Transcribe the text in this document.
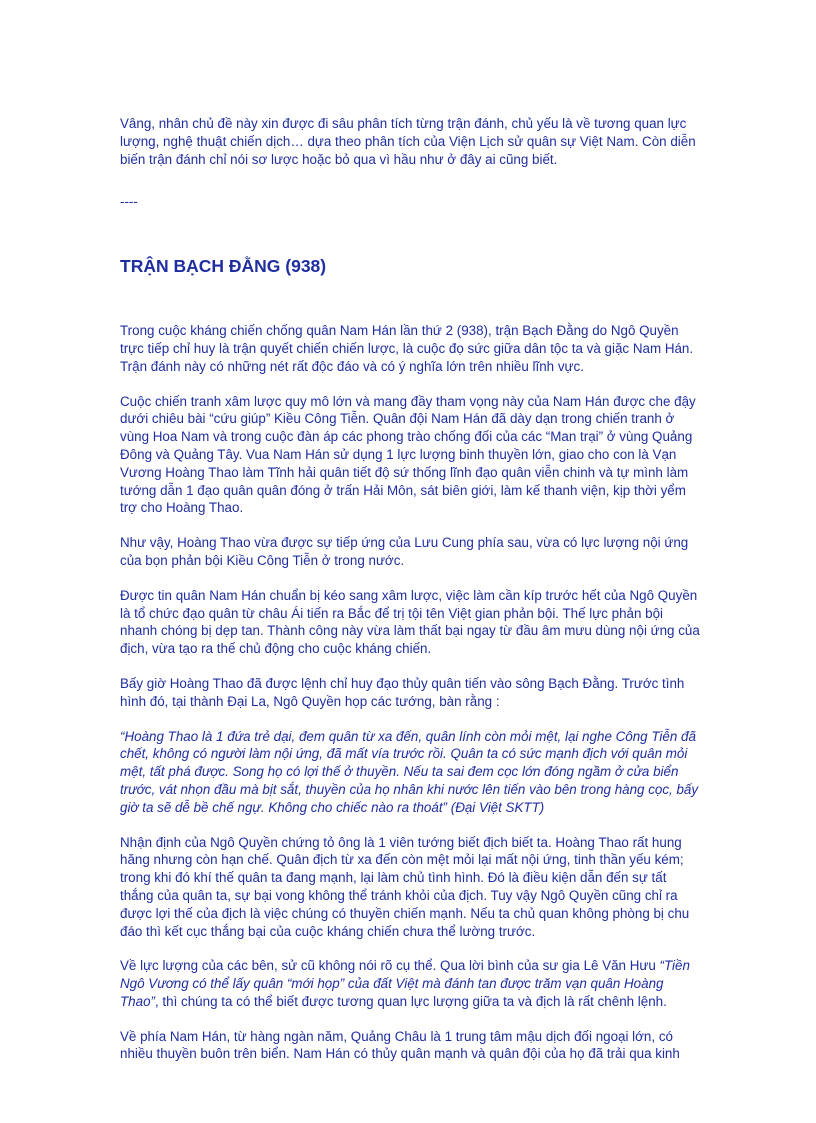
Vâng, nhân chủ đề này xin được đi sâu phân tích từng trận đánh, chủ yếu là về tương quan lực lượng, nghệ thuật chiến dịch… dựa theo phân tích của Viện Lịch sử quân sự Việt Nam. Còn diễn biến trận đánh chỉ nói sơ lược hoặc bỏ qua vì hầu như ở đây ai cũng biết.

----

TRẬN BẠCH ĐẰNG (938)

Trong cuộc kháng chiến chống quân Nam Hán lần thứ 2 (938), trận Bạch Đằng do Ngô Quyền trực tiếp chỉ huy là trận quyết chiến chiến lược, là cuộc đọ sức giữa dân tộc ta và giặc Nam Hán. Trận đánh này có những nét rất độc đáo và có ý nghĩa lớn trên nhiều lĩnh vực.

Cuộc chiến tranh xâm lược quy mô lớn và mang đầy tham vọng này của Nam Hán được che đậy dưới chiêu bài “cứu giúp” Kiều Công Tiễn. Quân đội Nam Hán đã dày dạn trong chiến tranh ở vùng Hoa Nam và trong cuộc đàn áp các phong trào chống đối của các “Man trại” ở vùng Quảng Đông và Quảng Tây. Vua Nam Hán sử dụng 1 lực lượng binh thuyền lớn, giao cho con là Vạn Vương Hoàng Thao làm Tĩnh hải quân tiết độ sứ thống lĩnh đạo quân viễn chinh và tự mình làm tướng dẫn 1 đạo quân quân đóng ở trấn Hải Môn, sát biên giới, làm kế thanh viện, kịp thời yểm trợ cho Hoàng Thao.

Như vậy, Hoàng Thao vừa được sự tiếp ứng của Lưu Cung phía sau, vừa có lực lượng nội ứng của bọn phản bội Kiều Công Tiễn ở trong nước.

Được tin quân Nam Hán chuẩn bị kéo sang xâm lược, việc làm cần kíp trước hết của Ngô Quyền là tổ chức đạo quân từ châu Ái tiến ra Bắc để trị tội tên Việt gian phản bội. Thế lực phản bội nhanh chóng bị dẹp tan. Thành công này vừa làm thất bại ngay từ đầu âm mưu dùng nội ứng của địch, vừa tạo ra thế chủ động cho cuộc kháng chiến.

Bấy giờ Hoàng Thao đã được lệnh chỉ huy đạo thủy quân tiến vào sông Bạch Đằng. Trước tình hình đó, tại thành Đại La, Ngô Quyền họp các tướng, bàn rằng :

“Hoàng Thao là 1 đứa trẻ dại, đem quân từ xa đến, quân lính còn mỏi mệt, lại nghe Công Tiễn đã chết, không có người làm nội ứng, đã mất vía trước rồi. Quân ta có sức mạnh địch với quân mỏi mệt, tất phá được. Song họ có lợi thế ở thuyền. Nếu ta sai đem cọc lớn đóng ngầm ở cửa biển trước, vát nhọn đầu mà bịt sắt, thuyền của họ nhân khi nước lên tiến vào bên trong hàng cọc, bấy giờ ta sẽ dễ bề chế ngự. Không cho chiếc nào ra thoát” (Đại Việt SKTT)

Nhận định của Ngô Quyền chứng tỏ ông là 1 viên tướng biết địch biết ta. Hoàng Thao rất hung hăng nhưng còn hạn chế. Quân địch từ xa đến còn mệt mỏi lại mất nội ứng, tinh thần yếu kém; trong khi đó khí thế quân ta đang mạnh, lại làm chủ tình hình. Đó là điều kiện dẫn đến sự tất thắng của quân ta, sự bại vong không thể tránh khỏi của địch. Tuy vậy Ngô Quyền cũng chỉ ra được lợi thế của địch là việc chúng có thuyền chiến mạnh. Nếu ta chủ quan không phòng bị chu đáo thì kết cục thắng bại của cuộc kháng chiến chưa thể lường trước.

Về lực lượng của các bên, sử cũ không nói rõ cụ thể. Qua lời bình của sư gia Lê Văn Hưu “Tiền Ngô Vương có thể lấy quân “mới họp” của đất Việt mà đánh tan được trăm vạn quân Hoàng Thao”, thì chúng ta có thể biết được tương quan lực lượng giữa ta và địch là rất chênh lệnh.

Về phía Nam Hán, từ hàng ngàn năm, Quảng Châu là 1 trung tâm mậu dịch đối ngoại lớn, có nhiều thuyền buôn trên biển. Nam Hán có thủy quân mạnh và quân đội của họ đã trải qua kinh
